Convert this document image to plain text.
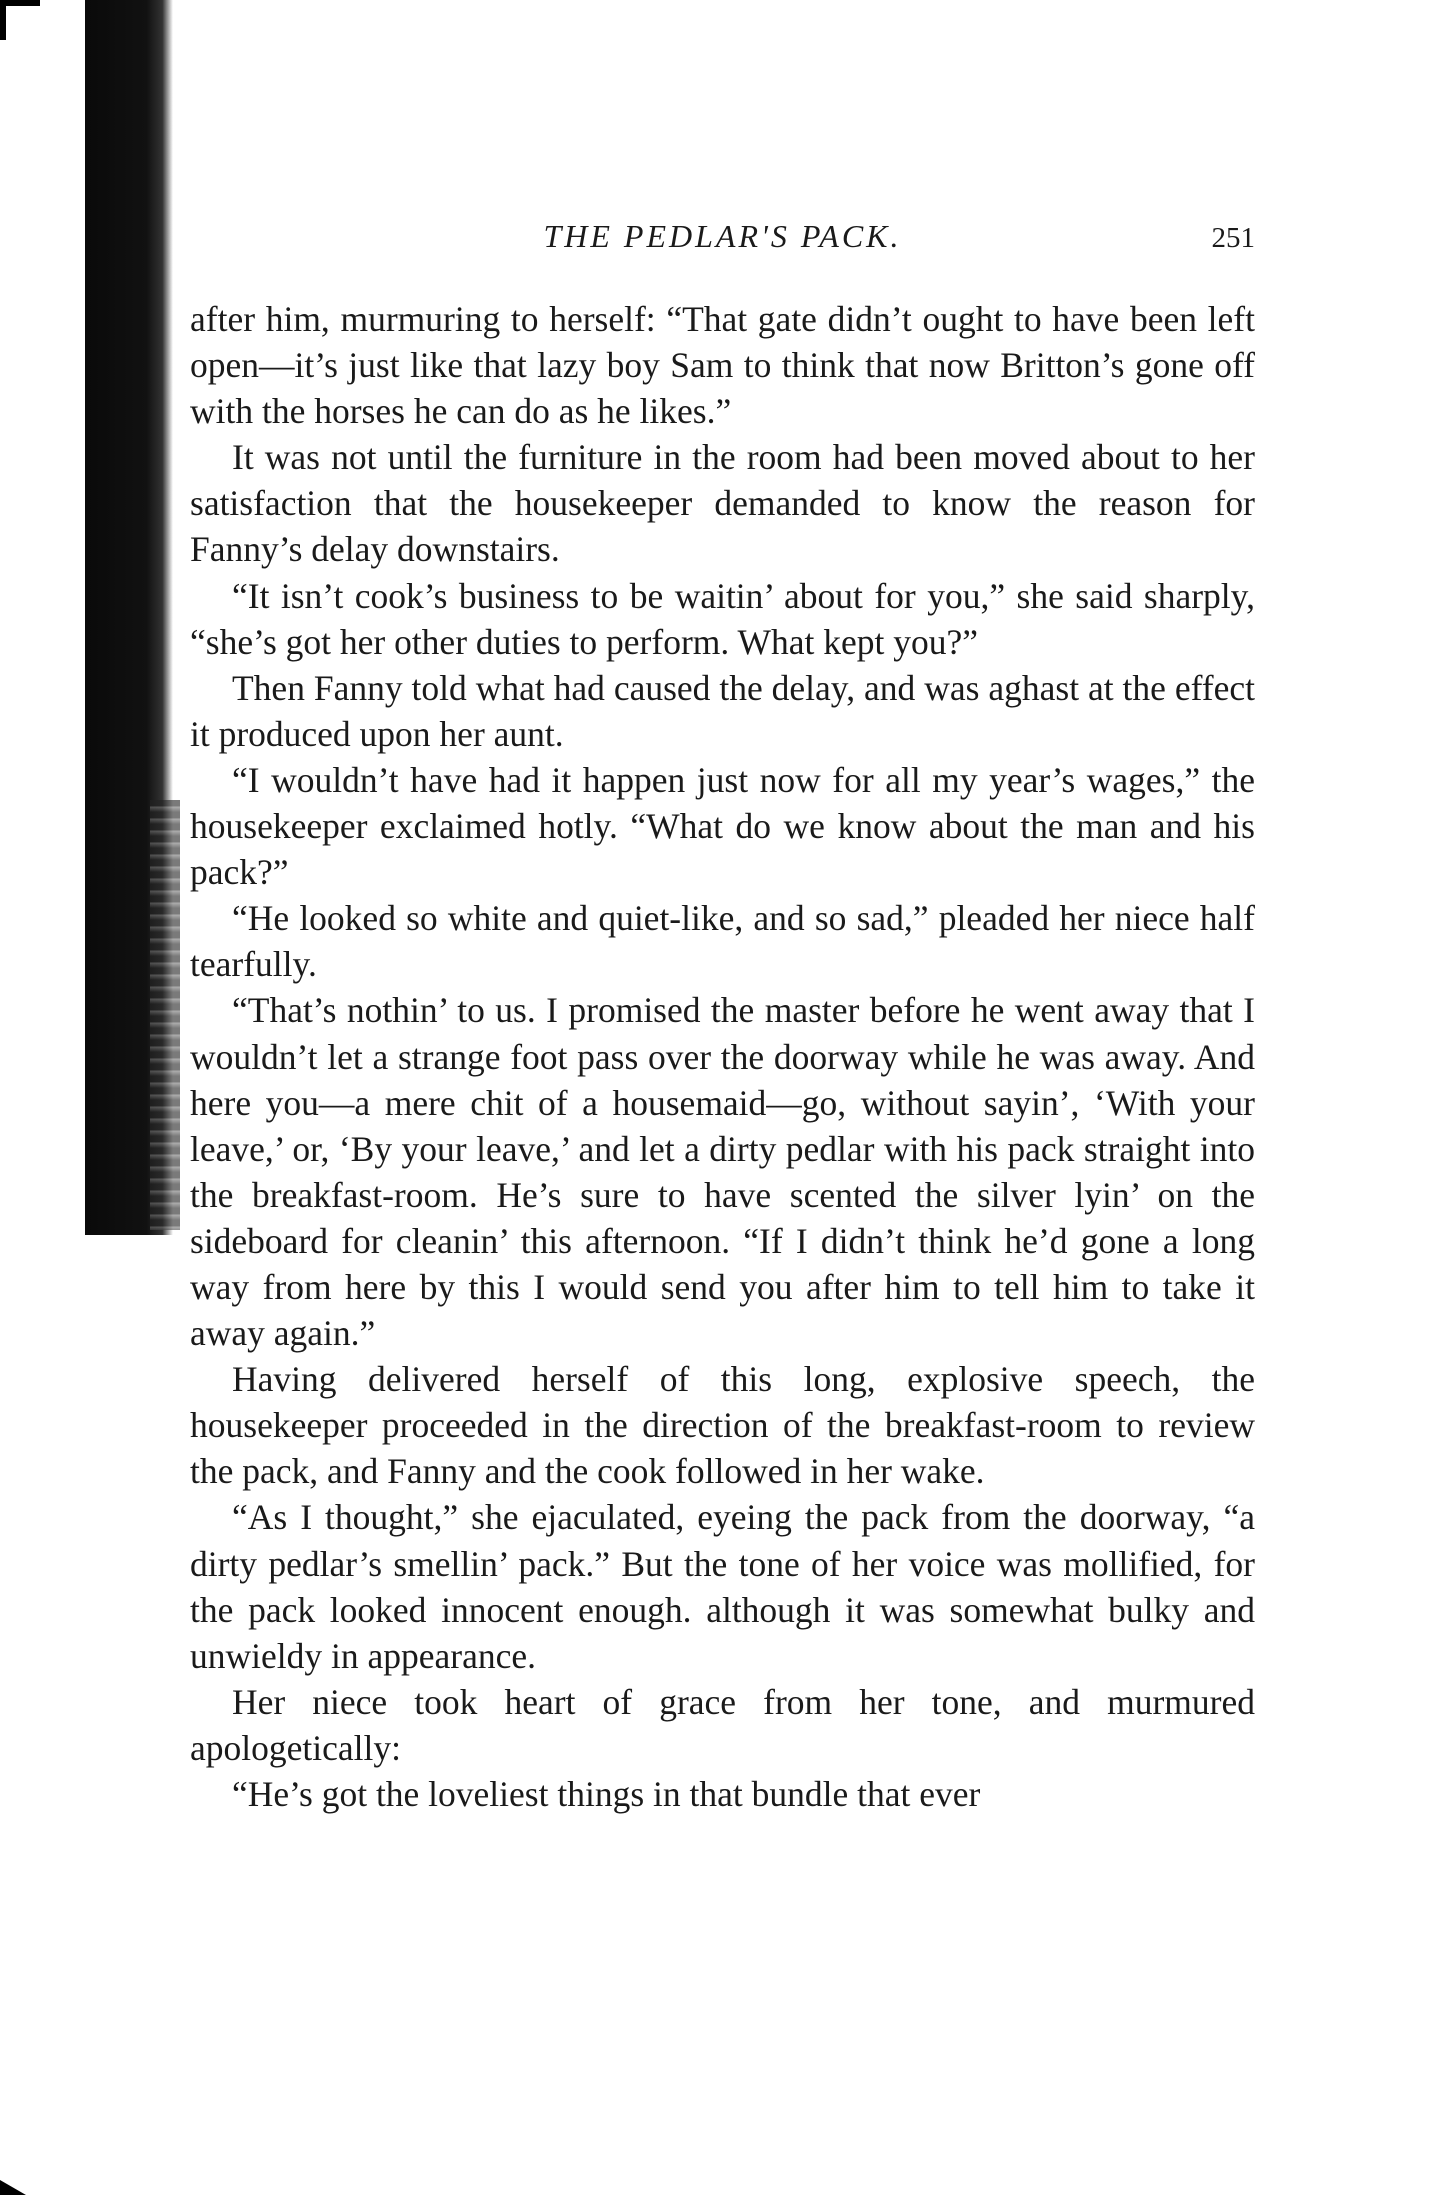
THE PEDLAR'S PACK.	251

after him, murmuring to herself: “That gate didn’t ought to have been left open—it’s just like that lazy boy Sam to think that now Britton’s gone off with the horses he can do as he likes.”

It was not until the furniture in the room had been moved about to her satisfaction that the housekeeper demanded to know the reason for Fanny’s delay downstairs.

“It isn’t cook’s business to be waitin’ about for you,” she said sharply, “she’s got her other duties to perform. What kept you?”

Then Fanny told what had caused the delay, and was aghast at the effect it produced upon her aunt.

“I wouldn’t have had it happen just now for all my year’s wages,” the housekeeper exclaimed hotly. “What do we know about the man and his pack?”

“He looked so white and quiet-like, and so sad,” pleaded her niece half tearfully.

“That’s nothin’ to us. I promised the master before he went away that I wouldn’t let a strange foot pass over the doorway while he was away. And here you—a mere chit of a housemaid—go, without sayin’, ‘With your leave,’ or, ‘By your leave,’ and let a dirty pedlar with his pack straight into the breakfast-room. He’s sure to have scented the silver lyin’ on the sideboard for cleanin’ this afternoon. “If I didn’t think he’d gone a long way from here by this I would send you after him to tell him to take it away again.”

Having delivered herself of this long, explosive speech, the housekeeper proceeded in the direction of the breakfast-room to review the pack, and Fanny and the cook followed in her wake.

“As I thought,” she ejaculated, eyeing the pack from the doorway, “a dirty pedlar’s smellin’ pack.” But the tone of her voice was mollified, for the pack looked innocent enough. although it was somewhat bulky and unwieldy in appearance.

Her niece took heart of grace from her tone, and murmured apologetically:

“He’s got the loveliest things in that bundle that ever
